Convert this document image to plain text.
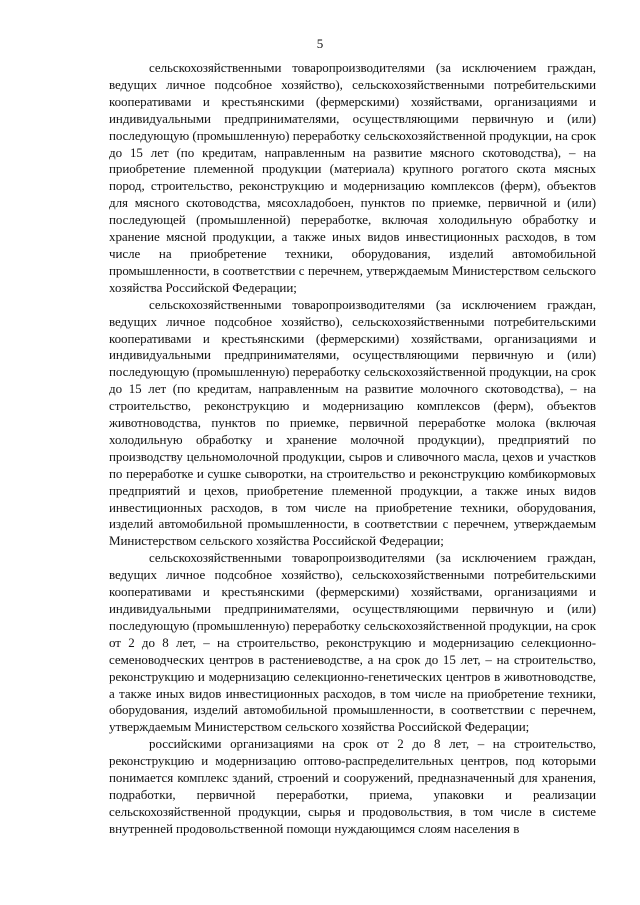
5

сельскохозяйственными товаропроизводителями (за исключением граждан, ведущих личное подсобное хозяйство), сельскохозяйственными потребительскими кооперативами и крестьянскими (фермерскими) хозяйствами, организациями и индивидуальными предпринимателями, осуществляющими первичную и (или) последующую (промышленную) переработку сельскохозяйственной продукции, на срок до 15 лет (по кредитам, направленным на развитие мясного скотоводства), – на приобретение племенной продукции (материала) крупного рогатого скота мясных пород, строительство, реконструкцию и модернизацию комплексов (ферм), объектов для мясного скотоводства, мясохладобоен, пунктов по приемке, первичной и (или) последующей (промышленной) переработке, включая холодильную обработку и хранение мясной продукции, а также иных видов инвестиционных расходов, в том числе на приобретение техники, оборудования, изделий автомобильной промышленности, в соответствии с перечнем, утверждаемым Министерством сельского хозяйства Российской Федерации;

сельскохозяйственными товаропроизводителями (за исключением граждан, ведущих личное подсобное хозяйство), сельскохозяйственными потребительскими кооперативами и крестьянскими (фермерскими) хозяйствами, организациями и индивидуальными предпринимателями, осуществляющими первичную и (или) последующую (промышленную) переработку сельскохозяйственной продукции, на срок до 15 лет (по кредитам, направленным на развитие молочного скотоводства), – на строительство, реконструкцию и модернизацию комплексов (ферм), объектов животноводства, пунктов по приемке, первичной переработке молока (включая холодильную обработку и хранение молочной продукции), предприятий по производству цельномолочной продукции, сыров и сливочного масла, цехов и участков по переработке и сушке сыворотки, на строительство и реконструкцию комбикормовых предприятий и цехов, приобретение племенной продукции, а также иных видов инвестиционных расходов, в том числе на приобретение техники, оборудования, изделий автомобильной промышленности, в соответствии с перечнем, утверждаемым Министерством сельского хозяйства Российской Федерации;

сельскохозяйственными товаропроизводителями (за исключением граждан, ведущих личное подсобное хозяйство), сельскохозяйственными потребительскими кооперативами и крестьянскими (фермерскими) хозяйствами, организациями и индивидуальными предпринимателями, осуществляющими первичную и (или) последующую (промышленную) переработку сельскохозяйственной продукции, на срок от 2 до 8 лет, – на строительство, реконструкцию и модернизацию селекционно-семеноводческих центров в растениеводстве, а на срок до 15 лет, – на строительство, реконструкцию и модернизацию селекционно-генетических центров в животноводстве, а также иных видов инвестиционных расходов, в том числе на приобретение техники, оборудования, изделий автомобильной промышленности, в соответствии с перечнем, утверждаемым Министерством сельского хозяйства Российской Федерации;

российскими организациями на срок от 2 до 8 лет, – на строительство, реконструкцию и модернизацию оптово-распределительных центров, под которыми понимается комплекс зданий, строений и сооружений, предназначенный для хранения, подработки, первичной переработки, приема, упаковки и реализации сельскохозяйственной продукции, сырья и продовольствия, в том числе в системе внутренней продовольственной помощи нуждающимся слоям населения в
